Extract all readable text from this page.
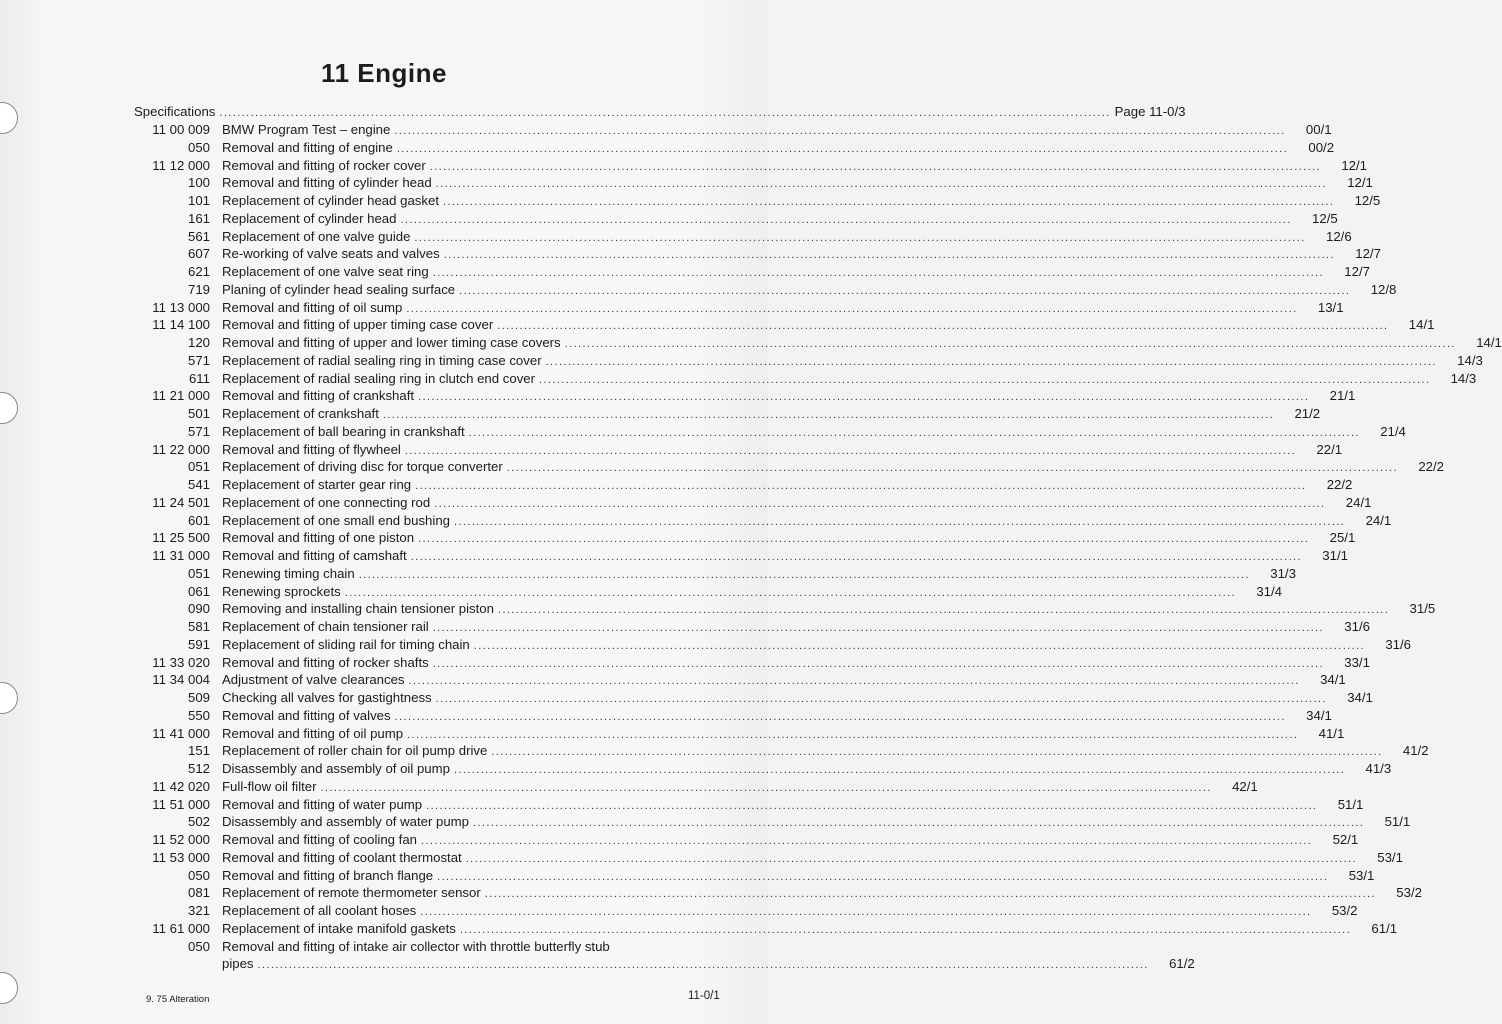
11 Engine
Specifications ........................................................................................................................................................................................................ Page 11-0/3
11 00 009 BMW Program Test – engine ........................................................................................................................................................................................................	00/1
050 Removal and fitting of engine ........................................................................................................................................................................................................	00/2
11 12 000 Removal and fitting of rocker cover ........................................................................................................................................................................................................	12/1
100 Removal and fitting of cylinder head ........................................................................................................................................................................................................	12/1
101 Replacement of cylinder head gasket ........................................................................................................................................................................................................	12/5
161 Replacement of cylinder head ........................................................................................................................................................................................................	12/5
561 Replacement of one valve guide ........................................................................................................................................................................................................	12/6
607 Re-working of valve seats and valves ........................................................................................................................................................................................................	12/7
621 Replacement of one valve seat ring ........................................................................................................................................................................................................	12/7
719 Planing of cylinder head sealing surface ........................................................................................................................................................................................................	12/8
11 13 000 Removal and fitting of oil sump ........................................................................................................................................................................................................	13/1
11 14 100 Removal and fitting of upper timing case cover ........................................................................................................................................................................................................	14/1
120 Removal and fitting of upper and lower timing case covers ........................................................................................................................................................................................................	14/1
571 Replacement of radial sealing ring in timing case cover ........................................................................................................................................................................................................	14/3
611 Replacement of radial sealing ring in clutch end cover ........................................................................................................................................................................................................	14/3
11 21 000 Removal and fitting of crankshaft ........................................................................................................................................................................................................	21/1
501 Replacement of crankshaft ........................................................................................................................................................................................................	21/2
571 Replacement of ball bearing in crankshaft ........................................................................................................................................................................................................	21/4
11 22 000 Removal and fitting of flywheel ........................................................................................................................................................................................................	22/1
051 Replacement of driving disc for torque converter ........................................................................................................................................................................................................	22/2
541 Replacement of starter gear ring ........................................................................................................................................................................................................	22/2
11 24 501 Replacement of one connecting rod ........................................................................................................................................................................................................	24/1
601 Replacement of one small end bushing ........................................................................................................................................................................................................	24/1
11 25 500 Removal and fitting of one piston ........................................................................................................................................................................................................	25/1
11 31 000 Removal and fitting of camshaft ........................................................................................................................................................................................................	31/1
051 Renewing timing chain ........................................................................................................................................................................................................	31/3
061 Renewing sprockets ........................................................................................................................................................................................................	31/4
090 Removing and installing chain tensioner piston ........................................................................................................................................................................................................	31/5
581 Replacement of chain tensioner rail ........................................................................................................................................................................................................	31/6
591 Replacement of sliding rail for timing chain ........................................................................................................................................................................................................	31/6
11 33 020 Removal and fitting of rocker shafts ........................................................................................................................................................................................................	33/1
11 34 004 Adjustment of valve clearances ........................................................................................................................................................................................................	34/1
509 Checking all valves for gastightness ........................................................................................................................................................................................................	34/1
550 Removal and fitting of valves ........................................................................................................................................................................................................	34/1
11 41 000 Removal and fitting of oil pump ........................................................................................................................................................................................................	41/1
151 Replacement of roller chain for oil pump drive ........................................................................................................................................................................................................	41/2
512 Disassembly and assembly of oil pump ........................................................................................................................................................................................................	41/3
11 42 020 Full-flow oil filter ........................................................................................................................................................................................................	42/1
11 51 000 Removal and fitting of water pump ........................................................................................................................................................................................................	51/1
502 Disassembly and assembly of water pump ........................................................................................................................................................................................................	51/1
11 52 000 Removal and fitting of cooling fan ........................................................................................................................................................................................................	52/1
11 53 000 Removal and fitting of coolant thermostat ........................................................................................................................................................................................................	53/1
050 Removal and fitting of branch flange ........................................................................................................................................................................................................	53/1
081 Replacement of remote thermometer sensor ........................................................................................................................................................................................................	53/2
321 Replacement of all coolant hoses ........................................................................................................................................................................................................	53/2
11 61 000 Replacement of intake manifold gaskets ........................................................................................................................................................................................................	61/1
050 Removal and fitting of intake air collector with throttle butterfly stub
pipes ........................................................................................................................................................................................................	61/2
9. 75 Alteration	11-0/1
